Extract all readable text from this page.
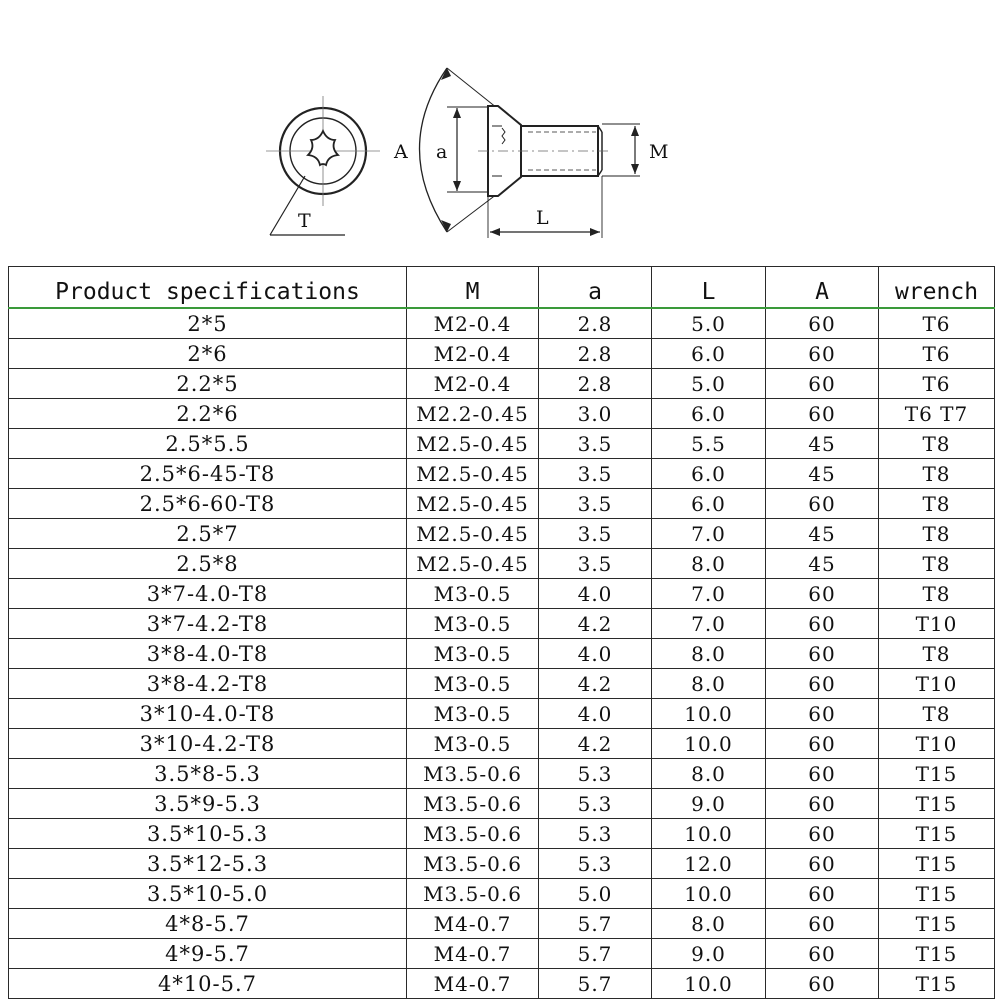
A
T
a
L
M
Product specifications	M	a	L	A	wrench
2*5	M2-0.4	2.8	5.0	60	T6
2*6	M2-0.4	2.8	6.0	60	T6
2.2*5	M2-0.4	2.8	5.0	60	T6
2.2*6	M2.2-0.45	3.0	6.0	60	T6 T7
2.5*5.5	M2.5-0.45	3.5	5.5	45	T8
2.5*6-45-T8	M2.5-0.45	3.5	6.0	45	T8
2.5*6-60-T8	M2.5-0.45	3.5	6.0	60	T8
2.5*7	M2.5-0.45	3.5	7.0	45	T8
2.5*8	M2.5-0.45	3.5	8.0	45	T8
3*7-4.0-T8	M3-0.5	4.0	7.0	60	T8
3*7-4.2-T8	M3-0.5	4.2	7.0	60	T10
3*8-4.0-T8	M3-0.5	4.0	8.0	60	T8
3*8-4.2-T8	M3-0.5	4.2	8.0	60	T10
3*10-4.0-T8	M3-0.5	4.0	10.0	60	T8
3*10-4.2-T8	M3-0.5	4.2	10.0	60	T10
3.5*8-5.3	M3.5-0.6	5.3	8.0	60	T15
3.5*9-5.3	M3.5-0.6	5.3	9.0	60	T15
3.5*10-5.3	M3.5-0.6	5.3	10.0	60	T15
3.5*12-5.3	M3.5-0.6	5.3	12.0	60	T15
3.5*10-5.0	M3.5-0.6	5.0	10.0	60	T15
4*8-5.7	M4-0.7	5.7	8.0	60	T15
4*9-5.7	M4-0.7	5.7	9.0	60	T15
4*10-5.7	M4-0.7	5.7	10.0	60	T15
